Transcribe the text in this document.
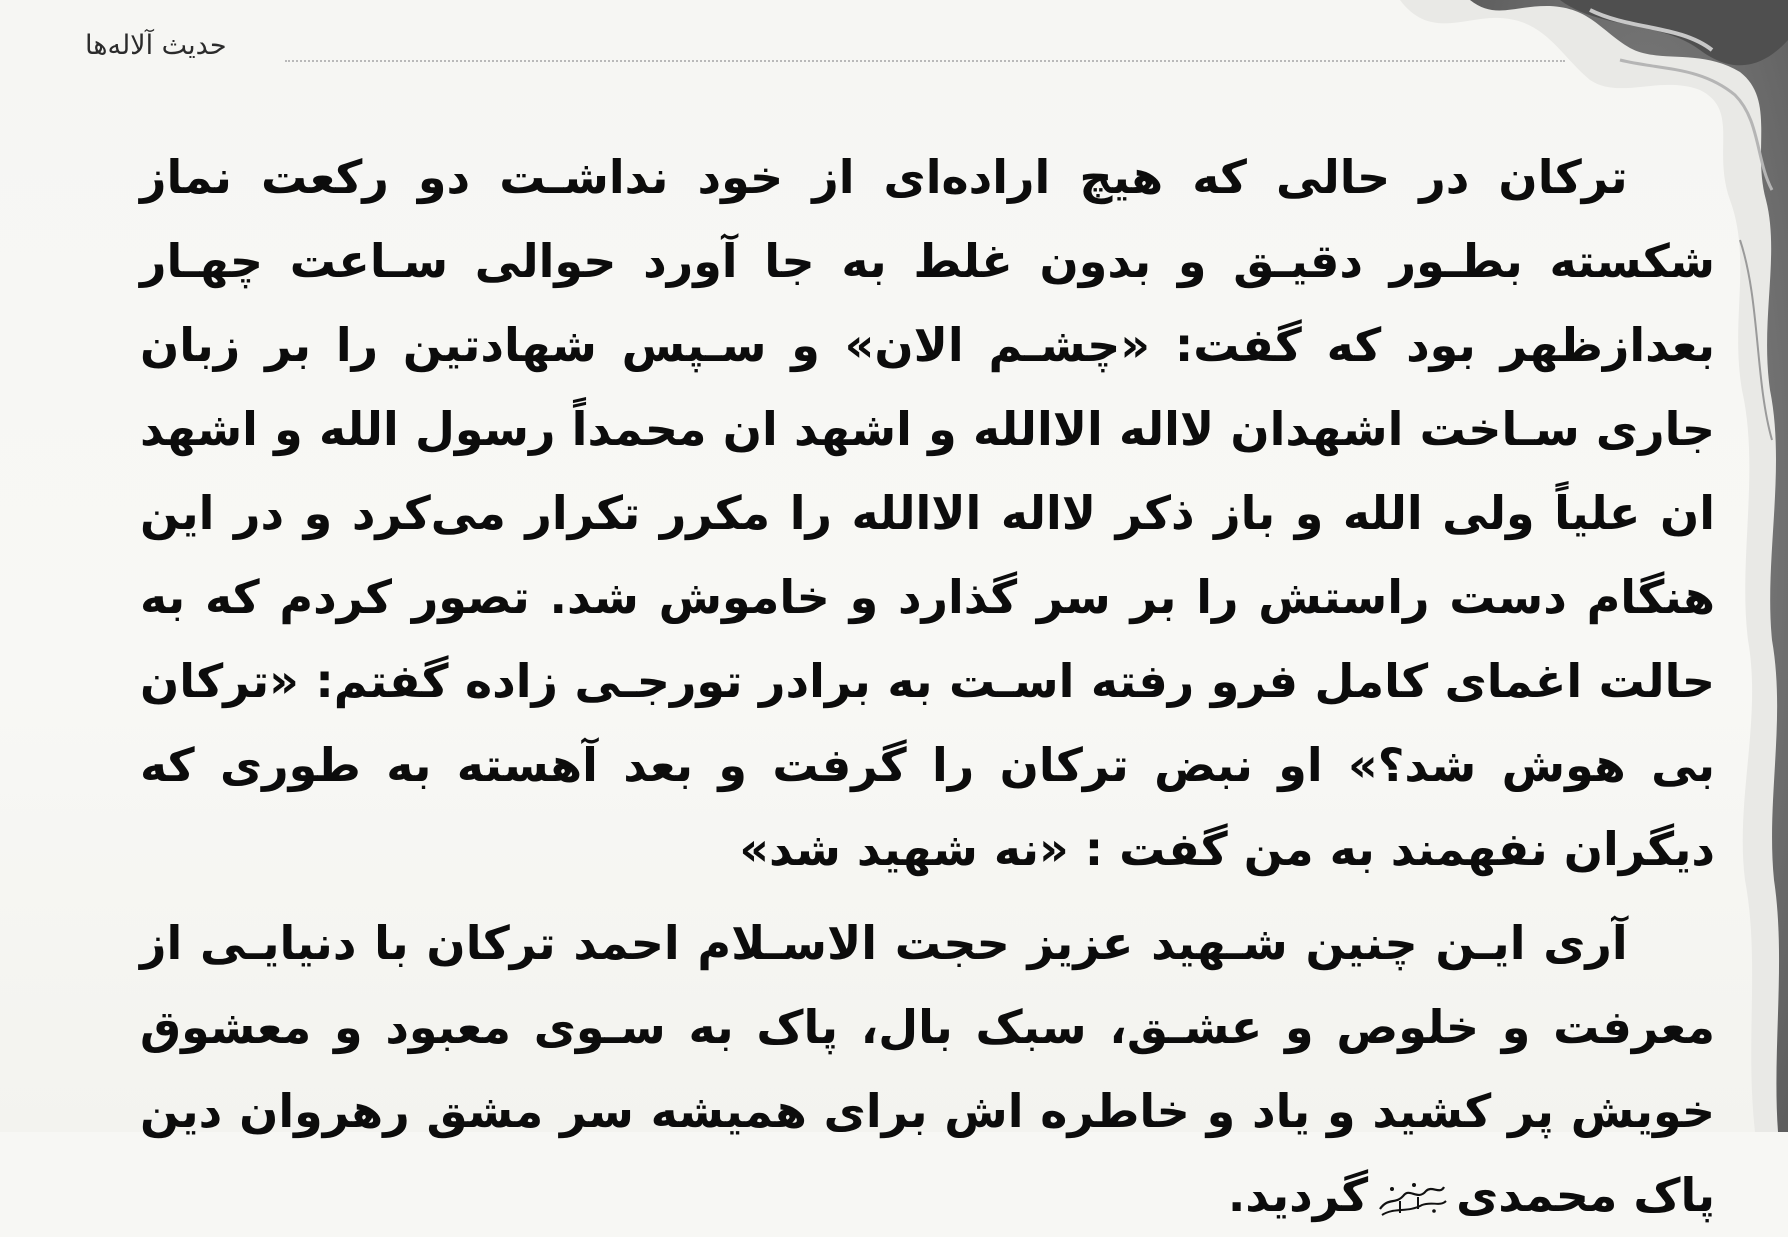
حدیث آلاله‌ها

ترکان در حالی که هیچ اراده‌ای از خود نداشـت دو رکعت نماز شکسته بطـور دقیـق و بدون غلط به جا آورد حوالی سـاعت چهـار بعدازظهر بود که گفت: «چشـم الان» و سـپس شهادتین را بر زبان جاری سـاخت اشهدان لااله الاالله و اشهد ان محمداً رسول الله و اشهد ان علیاً ولی الله و باز ذکر لااله الاالله را مکرر تکرار می‌کرد و در این هنگام دست راستش را بر سر گذارد و خاموش شد. تصور کردم که به حالت اغمای کامل فرو رفته اسـت به برادر تورجـی زاده گفتم: «ترکان بی هوش شد؟» او نبض ترکان را گرفت و بعد آهسته به طوری که دیگران نفهمند به من گفت : «نه شهید شد»

آری ایـن چنین شـهید عزیز حجت الاسـلام احمد ترکان با دنیایـی از معرفت و خلوص و عشـق، سبک بال، پاک به سـوی معبود و معشوق خویش پر کشید و یاد و خاطره اش برای همیشه سر مشق رهروان دین پاک محمدیگردید.
